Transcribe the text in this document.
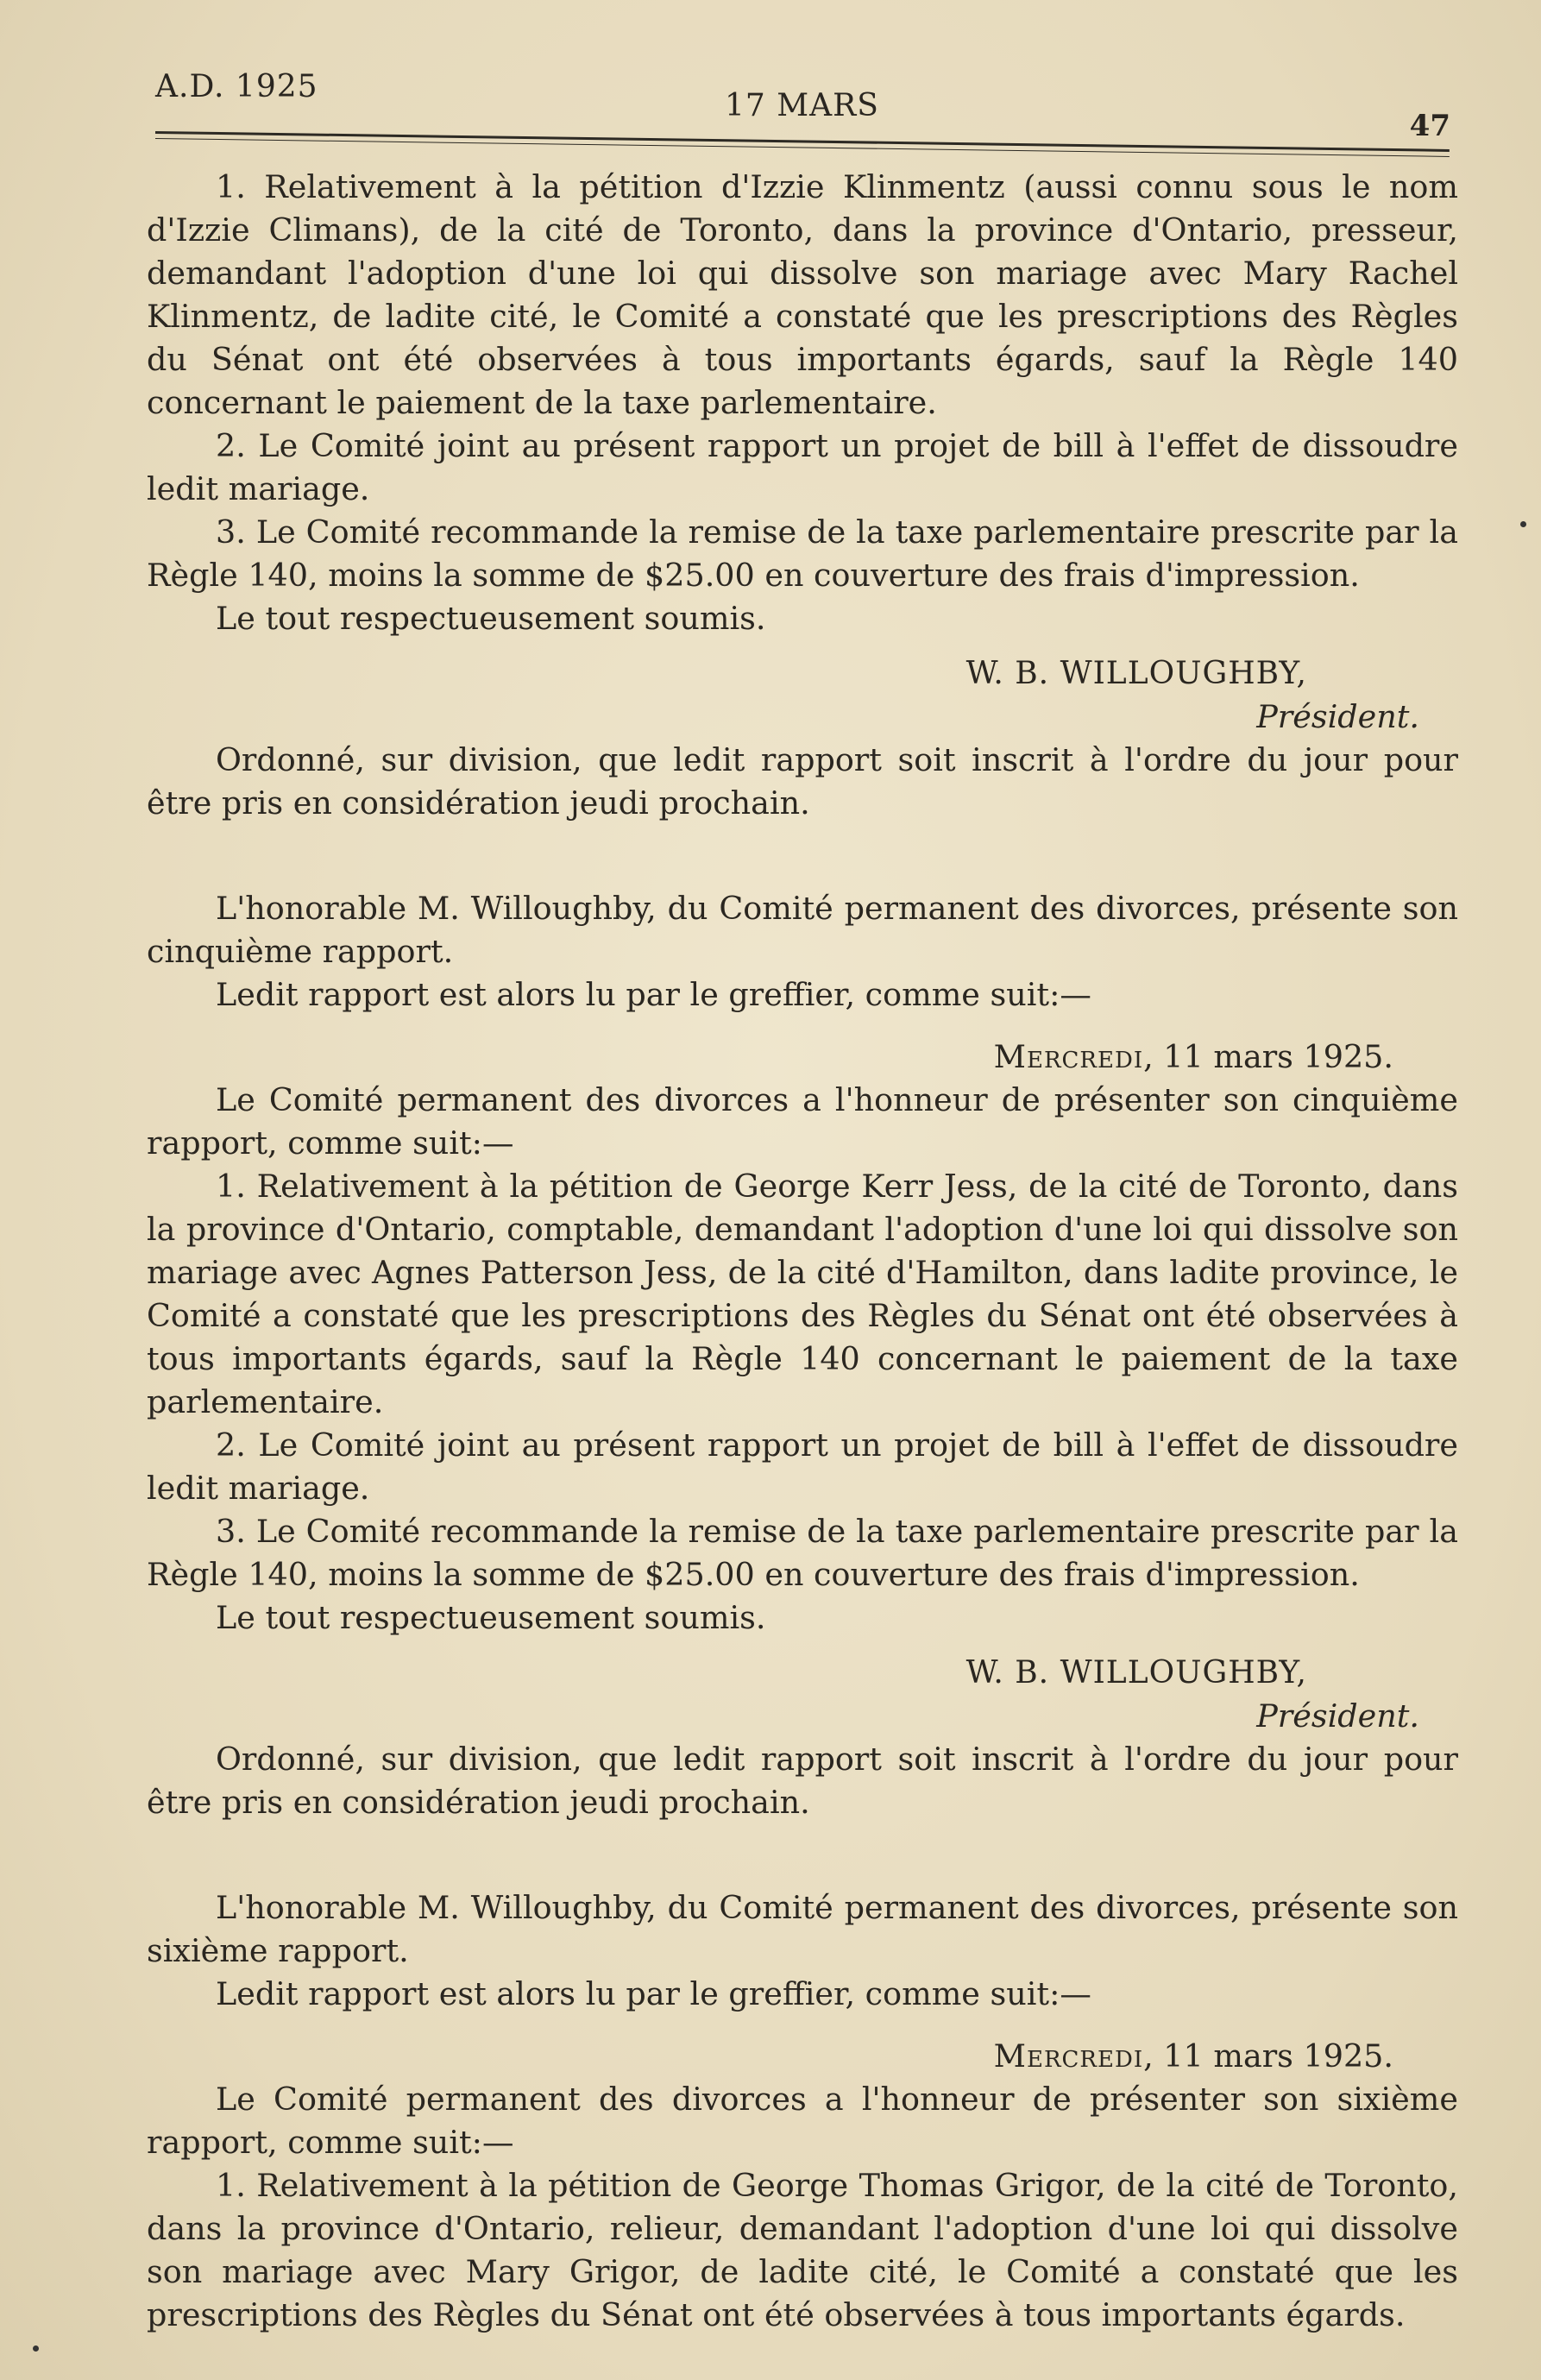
A.D. 1925
17 MARS
47

1. Relativement à la pétition d'Izzie Klinmentz (aussi connu sous le nom d'Izzie Climans), de la cité de Toronto, dans la province d'Ontario, presseur, demandant l'adoption d'une loi qui dissolve son mariage avec Mary Rachel Klinmentz, de ladite cité, le Comité a constaté que les prescriptions des Règles du Sénat ont été observées à tous importants égards, sauf la Règle 140 concernant le paiement de la taxe parlementaire.

2. Le Comité joint au présent rapport un projet de bill à l'effet de dissoudre ledit mariage.

3. Le Comité recommande la remise de la taxe parlementaire prescrite par la Règle 140, moins la somme de $25.00 en couverture des frais d'impression.

Le tout respectueusement soumis.

W. B. WILLOUGHBY,

Président.

Ordonné, sur division, que ledit rapport soit inscrit à l'ordre du jour pour être pris en considération jeudi prochain.

L'honorable M. Willoughby, du Comité permanent des divorces, présente son cinquième rapport.

Ledit rapport est alors lu par le greffier, comme suit:—

Mercredi, 11 mars 1925.

Le Comité permanent des divorces a l'honneur de présenter son cinquième rapport, comme suit:—

1. Relativement à la pétition de George Kerr Jess, de la cité de Toronto, dans la province d'Ontario, comptable, demandant l'adoption d'une loi qui dissolve son mariage avec Agnes Patterson Jess, de la cité d'Hamilton, dans ladite province, le Comité a constaté que les prescriptions des Règles du Sénat ont été observées à tous importants égards, sauf la Règle 140 concernant le paiement de la taxe parlementaire.

2. Le Comité joint au présent rapport un projet de bill à l'effet de dissoudre ledit mariage.

3. Le Comité recommande la remise de la taxe parlementaire prescrite par la Règle 140, moins la somme de $25.00 en couverture des frais d'impression.

Le tout respectueusement soumis.

W. B. WILLOUGHBY,

Président.

Ordonné, sur division, que ledit rapport soit inscrit à l'ordre du jour pour être pris en considération jeudi prochain.

L'honorable M. Willoughby, du Comité permanent des divorces, présente son sixième rapport.

Ledit rapport est alors lu par le greffier, comme suit:—

Mercredi, 11 mars 1925.

Le Comité permanent des divorces a l'honneur de présenter son sixième rapport, comme suit:—

1. Relativement à la pétition de George Thomas Grigor, de la cité de Toronto, dans la province d'Ontario, relieur, demandant l'adoption d'une loi qui dissolve son mariage avec Mary Grigor, de ladite cité, le Comité a constaté que les prescriptions des Règles du Sénat ont été observées à tous importants égards.
